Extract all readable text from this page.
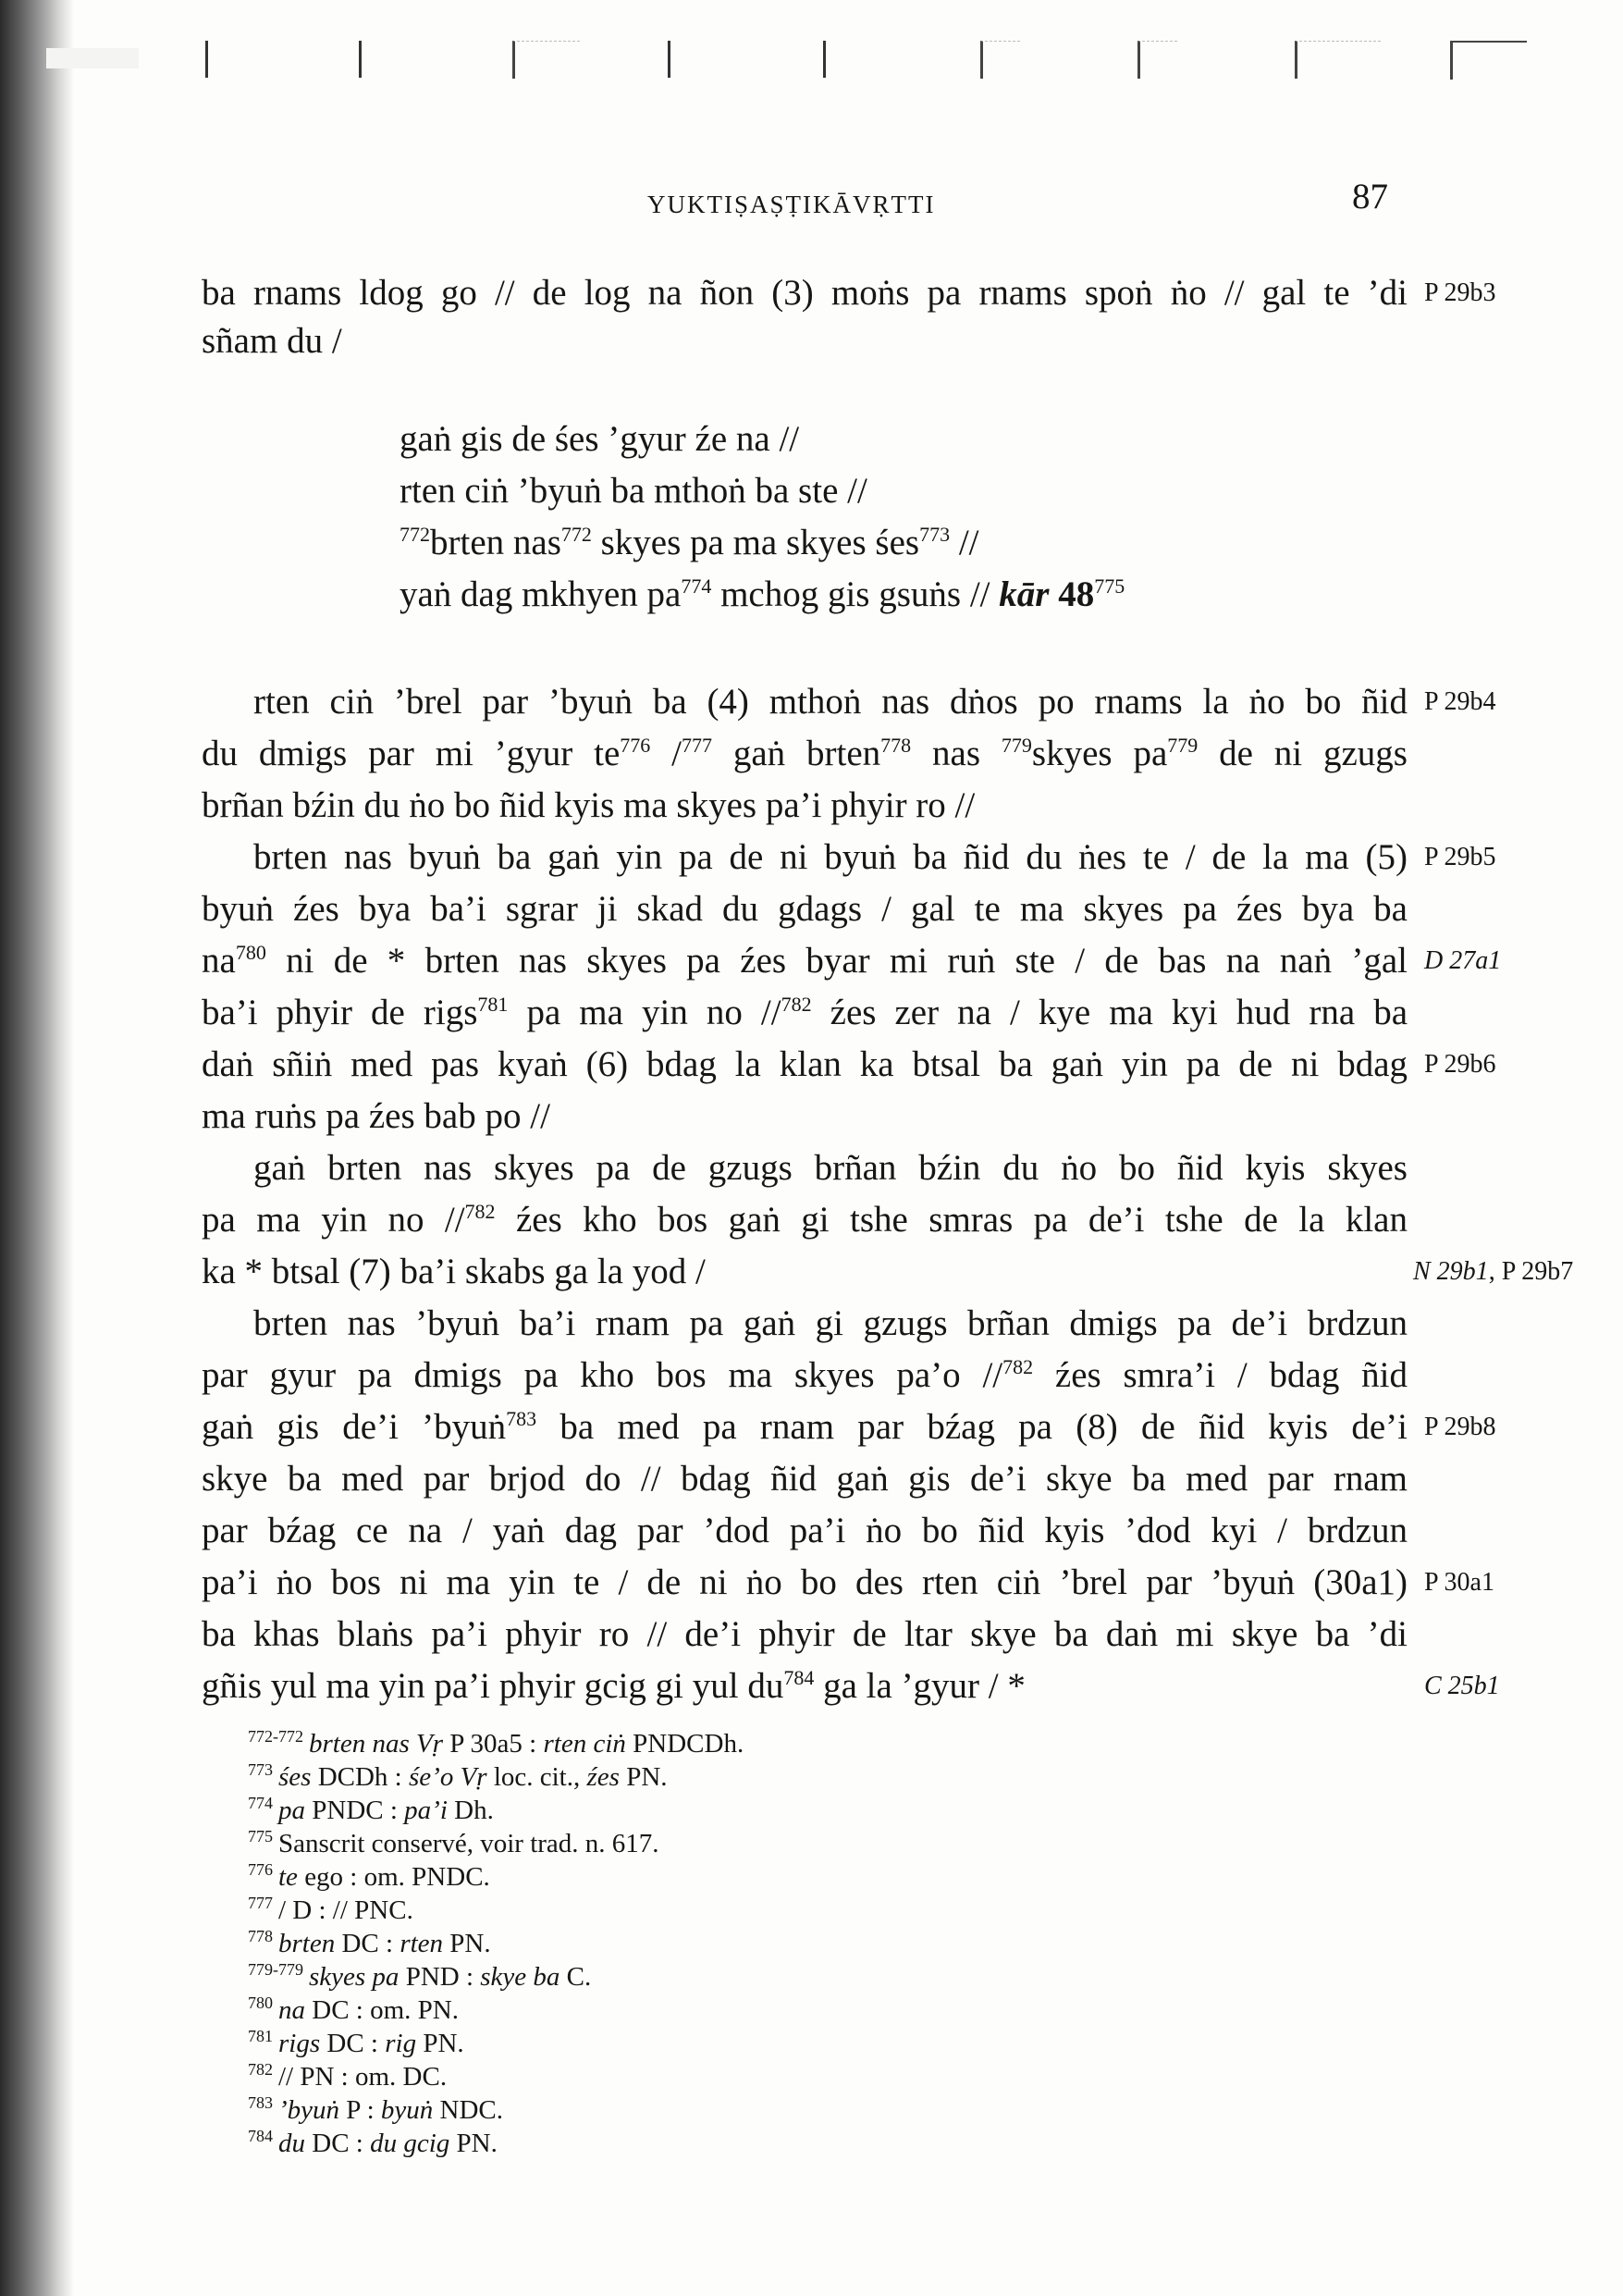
YUKTIṢAṢṬIKĀVṚTTI	87
ba rnams ldog go // de log na ñon (3) moṅs pa rnams spoṅ ṅo // gal te ’di
sñam du /
gaṅ gis de śes ’gyur źe na //
rten ciṅ ’byuṅ ba mthoṅ ba ste //
$^{772}$brten nas$^{772}$ skyes pa ma skyes śes$^{773}$ //
yaṅ dag mkhyen $pa^{774}$ mchog gis gsuṅs // kār $48^{775}$
rten ciṅ ’brel par ’byuṅ ba (4) mthoṅ nas dṅos po rnams la ṅo bo ñid
du dmigs par mi ’gyur $te^{776}$ /$^{777}$ gaṅ brten$^{778}$ nas $^{779}$skyes $pa^{779}$ de ni gzugs
brñan bźin du ṅo bo ñid kyis ma skyes pa’i phyir ro //
brten nas byuṅ ba gaṅ yin pa de ni byuṅ ba ñid du ṅes te / de la ma (5)
byuṅ źes bya ba’i sgrar ji skad du gdags / gal te ma skyes pa źes bya ba
$na^{780}$ ni de * brten nas skyes pa źes byar mi ruṅ ste / de bas na naṅ ’gal
ba’i phyir de rigs$^{781}$ pa ma yin no //$^{782}$ źes zer na / kye ma kyi hud rna ba
daṅ sñiṅ med pas kyaṅ (6) bdag la klan ka btsal ba gaṅ yin pa de ni bdag
ma ruṅs pa źes bab po //
gaṅ brten nas skyes pa de gzugs brñan bźin du ṅo bo ñid kyis skyes
pa ma yin no //$^{782}$ źes kho bos gaṅ gi tshe smras pa de’i tshe de la klan
ka * btsal (7) ba’i skabs ga la yod /
brten nas ’byuṅ ba’i rnam pa gaṅ gi gzugs brñan dmigs pa de’i brdzun
par gyur pa dmigs pa kho bos ma skyes pa’o //$^{782}$ źes smra’i / bdag ñid
gaṅ gis de’i ’byuṅ$^{783}$ ba med pa rnam par bźag pa (8) de ñid kyis de’i
skye ba med par brjod do // bdag ñid gaṅ gis de’i skye ba med par rnam
par bźag ce na / yaṅ dag par ’dod pa’i ṅo bo ñid kyis ’dod kyi / brdzun
pa’i ṅo bos ni ma yin te / de ni ṅo bo des rten ciṅ ’brel par ’byuṅ (30a1)
ba khas blaṅs pa’i phyir ro // de’i phyir de ltar skye ba daṅ mi skye ba ’di
gñis yul ma yin pa’i phyir gcig gi yul $du^{784}$ ga la ’gyur / *
P 29b3
P 29b4
P 29b5
D 27a1
P 29b6
N 29b1, P 29b7
P 29b8
P 30a1
C 25b1
$^{772-772}$ brten nas Vṛ P 30a5 : rten ciṅ PNDCDh.
$^{773}$ śes DCDh : śe’o Vṛ loc. cit., źes PN.
$^{774}$ pa PNDC : pa’i Dh.
$^{775}$ Sanscrit conservé, voir trad. n. 617.
$^{776}$ te ego : om. PNDC.
$^{777}$ / D : // PNC.
$^{778}$ brten DC : rten PN.
$^{779-779}$ skyes pa PND : skye ba C.
$^{780}$ na DC : om. PN.
$^{781}$ rigs DC : rig PN.
$^{782}$ // PN : om. DC.
$^{783}$ ’byuṅ P : byuṅ NDC.
$^{784}$ du DC : du gcig PN.
